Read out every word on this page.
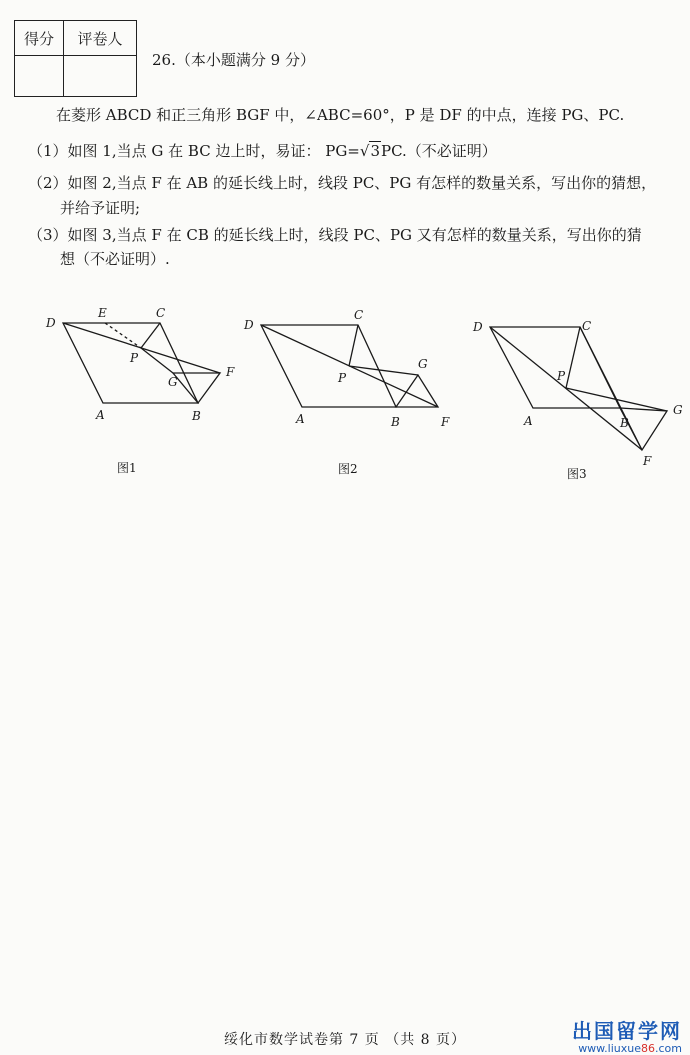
得分	评卷人

26.（本小题满分 9 分）
在菱形 ABCD 和正三角形 BGF 中，∠ABC=60°，P 是 DF 的中点，连接 PG、PC.
（1）如图 1,当点 G 在 BC 边上时，易证： PG=√3PC.（不必证明）
（2）如图 2,当点 F 在 AB 的延长线上时，线段 PC、PG 有怎样的数量关系，写出你的猜想，
并给予证明;
（3）如图 3,当点 F 在 CB 的延长线上时，线段 PC、PG 又有怎样的数量关系，写出你的猜
想（不必证明）.
D
E	C
P
G
F
A	B
图1
D
C
G
P
A	B	F
图2
D	C
P
G
A	B
F
图3
绥化市数学试卷第 7 页 （共 8 页）	出国留学网
www.liuxue86.com
